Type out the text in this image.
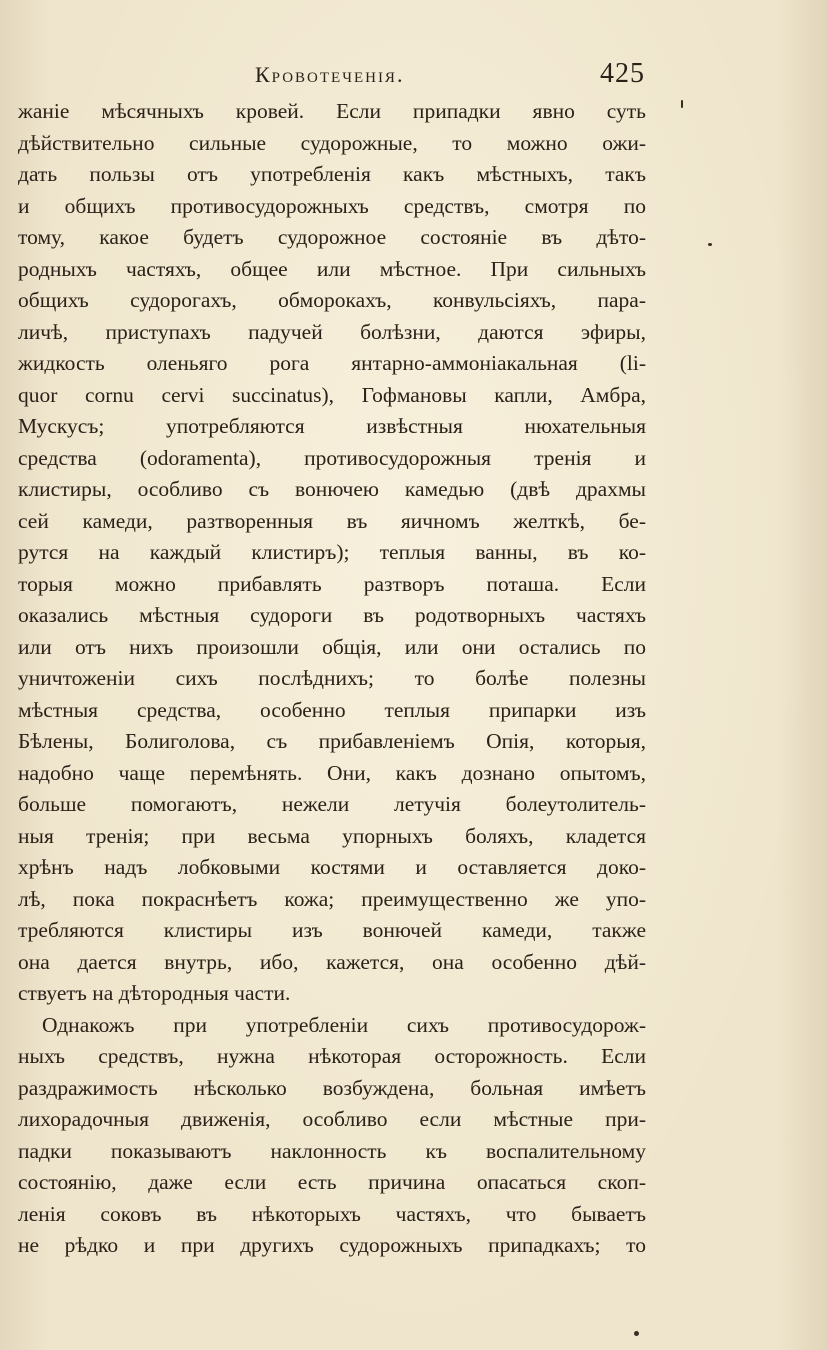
Кровотеченія.	425
жаніе мѣсячныхъ кровей. Если припадки явно суть
дѣйствительно сильные судорожные, то можно ожи-
дать пользы отъ употребленія какъ мѣстныхъ, такъ
и общихъ противосудорожныхъ средствъ, смотря по
тому, какое будетъ судорожное состояніе въ дѣто-
родныхъ частяхъ, общее или мѣстное. При сильныхъ
общихъ судорогахъ, обморокахъ, конвульсіяхъ, пара-
личѣ, приступахъ падучей болѣзни, даются эфиры,
жидкость оленьяго рога янтарно-аммоніакальная (li-
quor cornu cervi succinatus), Гофмановы капли, Амбра,
Мускусъ; употребляются извѣстныя нюхательныя
средства (odoramenta), противосудорожныя тренія и
клистиры, особливо съ вонючею камедью (двѣ драхмы
сей камеди, разтворенныя въ яичномъ желткѣ, бе-
рутся на каждый клистиръ); теплыя ванны, въ ко-
торыя можно прибавлять разтворъ поташа. Если
оказались мѣстныя судороги въ родотворныхъ частяхъ
или отъ нихъ произошли общія, или они остались по
уничтоженіи сихъ послѣднихъ; то болѣе полезны
мѣстныя средства, особенно теплыя припарки изъ
Бѣлены, Болиголова, съ прибавленіемъ Опія, которыя,
надобно чаще перемѣнять. Они, какъ дознано опытомъ,
больше помогаютъ, нежели летучія болеутолитель-
ныя тренія; при весьма упорныхъ боляхъ, кладется
хрѣнъ надъ лобковыми костями и оставляется доко-
лѣ, пока покраснѣетъ кожа; преимущественно же упо-
требляются клистиры изъ вонючей камеди, также
она дается внутрь, ибо, кажется, она особенно дѣй-
ствуетъ на дѣтородныя части.
Однакожъ при употребленіи сихъ противосудорож-
ныхъ средствъ, нужна нѣкоторая осторожность. Если
раздражимость нѣсколько возбуждена, больная имѣетъ
лихорадочныя движенія, особливо если мѣстные при-
падки показываютъ наклонность къ воспалительному
состоянію, даже если есть причина опасаться скоп-
ленія соковъ въ нѣкоторыхъ частяхъ, что бываетъ
не рѣдко и при другихъ судорожныхъ припадкахъ; то
